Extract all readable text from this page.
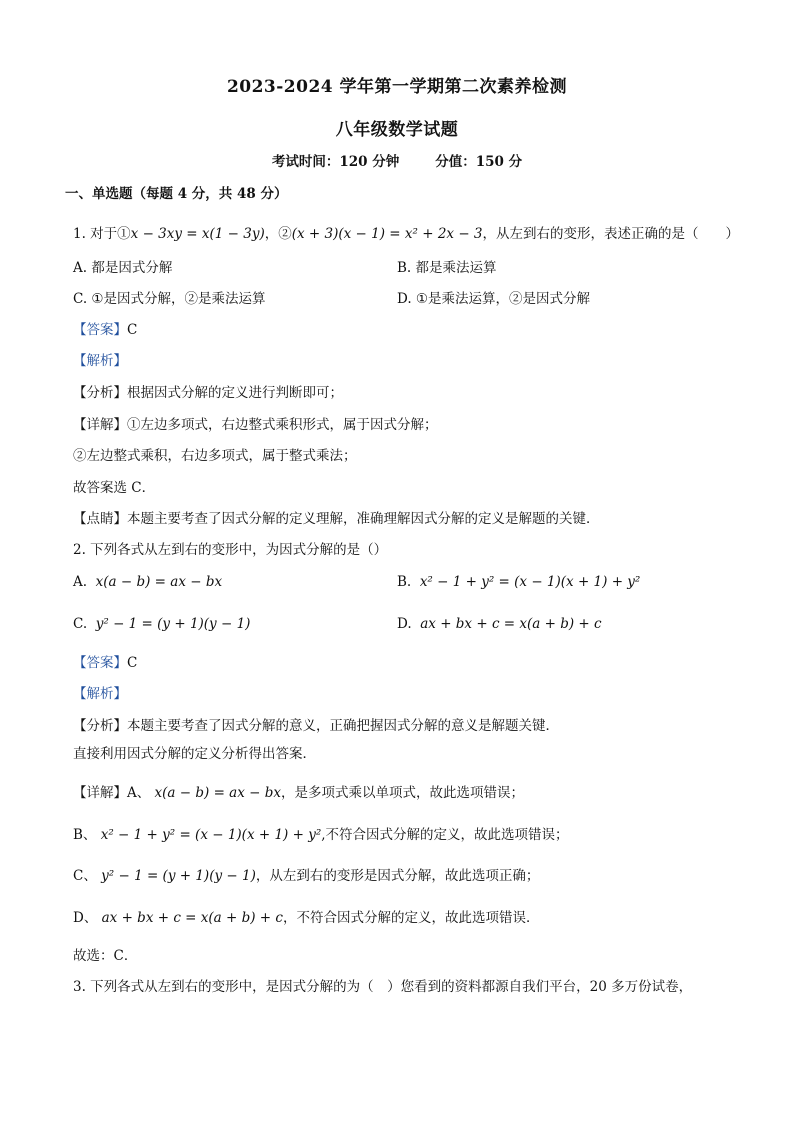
2023-2024 学年第一学期第二次素养检测
八年级数学试题
考试时间：120 分钟	分值：150 分
一、单选题（每题 4 分，共 48 分）
1. 对于①x − 3xy = x(1 − 3y)，②(x + 3)(x − 1) = x² + 2x − 3，从左到右的变形，表述正确的是（　　）
A. 都是因式分解	B. 都是乘法运算
C. ①是因式分解，②是乘法运算	D. ①是乘法运算，②是因式分解
【答案】C
【解析】
【分析】根据因式分解的定义进行判断即可；
【详解】①左边多项式，右边整式乘积形式，属于因式分解；
②左边整式乘积，右边多项式，属于整式乘法；
故答案选 C．
【点睛】本题主要考查了因式分解的定义理解，准确理解因式分解的定义是解题的关键．
2. 下列各式从左到右的变形中，为因式分解的是（）
A. x(a − b) = ax − bx	B. x² − 1 + y² = (x − 1)(x + 1) + y²
C. y² − 1 = (y + 1)(y − 1)	D. ax + bx + c = x(a + b) + c
【答案】C
【解析】
【分析】本题主要考查了因式分解的意义，正确把握因式分解的意义是解题关键．
直接利用因式分解的定义分析得出答案．
【详解】A、 x(a − b) = ax − bx，是多项式乘以单项式，故此选项错误；
B、 x² − 1 + y² = (x − 1)(x + 1) + y²,不符合因式分解的定义，故此选项错误；
C、 y² − 1 = (y + 1)(y − 1)，从左到右的变形是因式分解，故此选项正确；
D、 ax + bx + c = x(a + b) + c，不符合因式分解的定义，故此选项错误．
故选：C．
3. 下列各式从左到右的变形中，是因式分解的为（　）您看到的资料都源自我们平台，20 多万份试卷，
